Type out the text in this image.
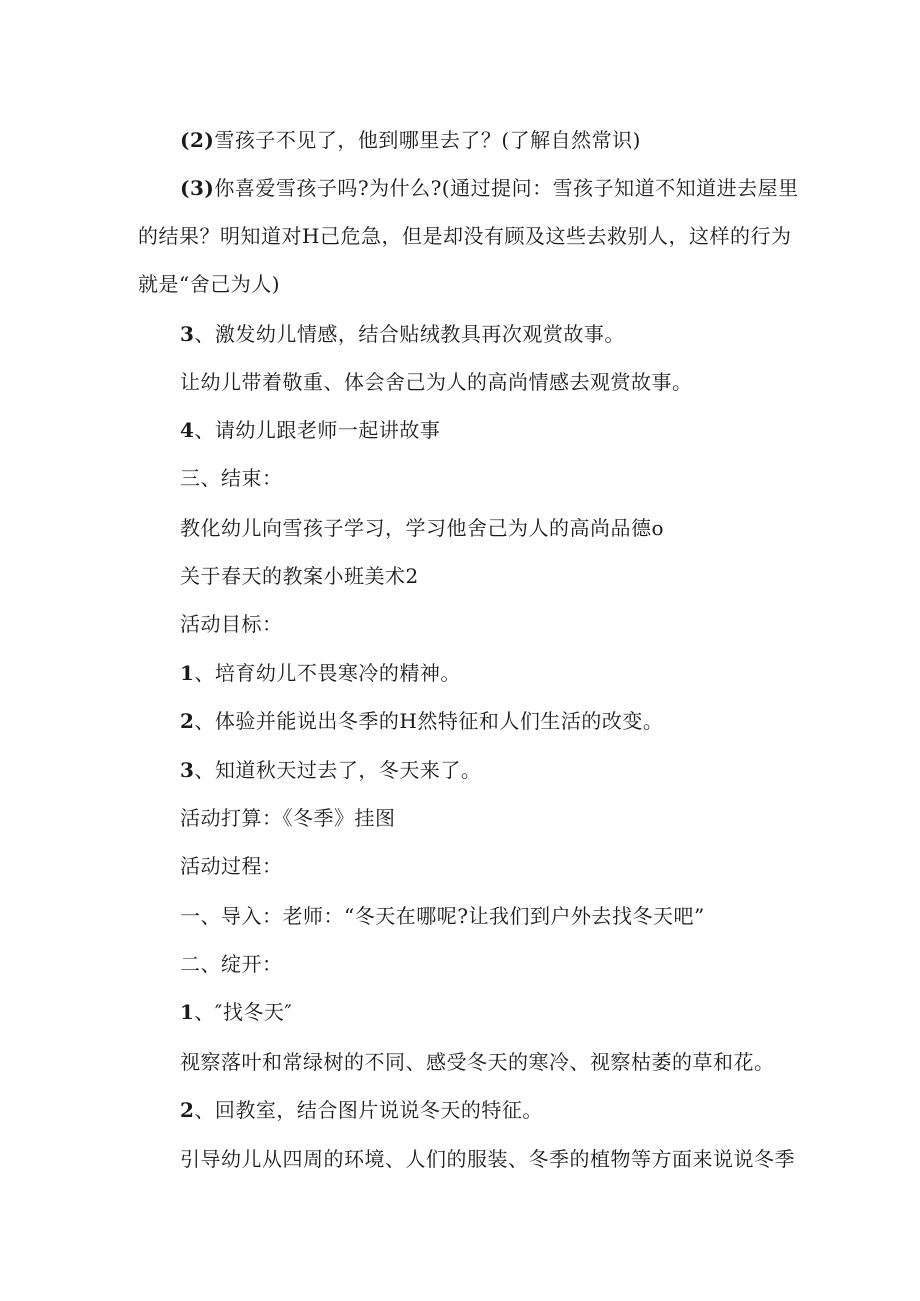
(2)雪孩子不见了，他到哪里去了？(了解自然常识)
(3)你喜爱雪孩子吗?为什么?(通过提问：雪孩子知道不知道进去屋里
的结果？明知道对H己危急，但是却没有顾及这些去救别人，这样的行为
就是“舍己为人)
3、激发幼儿情感，结合贴绒教具再次观赏故事。
让幼儿带着敬重、体会舍己为人的高尚情感去观赏故事。
4、请幼儿跟老师一起讲故事
三、结束：
教化幼儿向雪孩子学习，学习他舍己为人的高尚品德o
关于春天的教案小班美术2
活动目标：
1、培育幼儿不畏寒冷的精神。
2、体验并能说出冬季的H然特征和人们生活的改变。
3、知道秋天过去了，冬天来了。
活动打算：《冬季》挂图
活动过程：
一、导入：老师：“冬天在哪呢?让我们到户外去找冬天吧”
二、绽开：
1、″找冬天″
视察落叶和常绿树的不同、感受冬天的寒冷、视察枯萎的草和花。
2、回教室，结合图片说说冬天的特征。
引导幼儿从四周的环境、人们的服装、冬季的植物等方面来说说冬季
